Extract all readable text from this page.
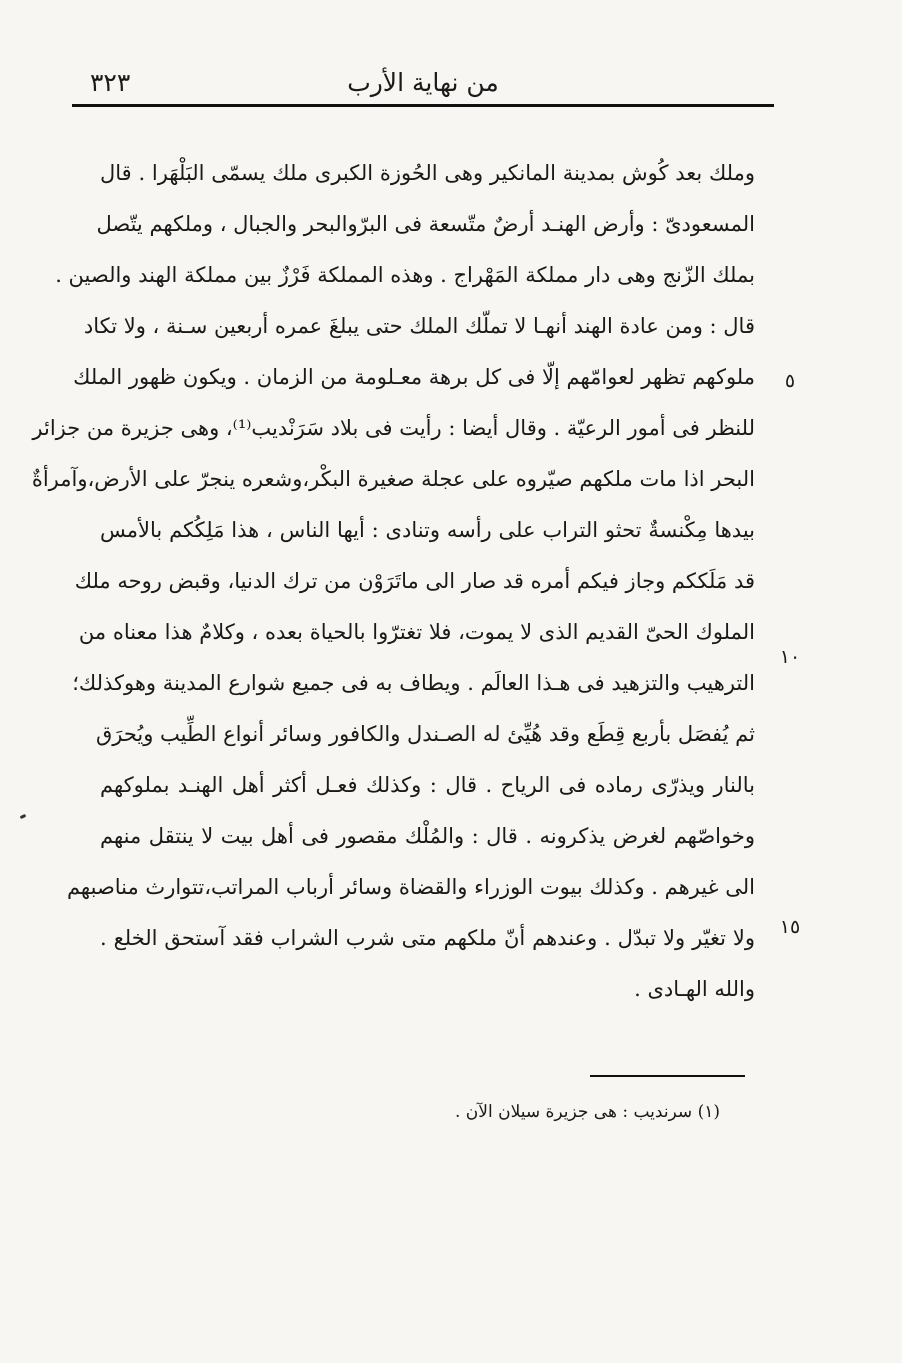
من نهاية الأرب
٣٢٣
وملك بعد كُوش بمدينة المانكير وهى الحُوزة الكبرى ملك يسمّى البَلْهَرا . قال
المسعودىّ : وأرض الهنـد أرضٌ متّسعة فى البرّوالبحر والجبال ، وملكهم يتّصل
بملك الزّنج وهى دار مملكة المَهْراج . وهذه المملكة فَرْزٌ بين مملكة الهند والصين .
قال : ومن عادة الهند أنهـا لا تملّك الملك حتى يبلغَ عمره أربعين سـنة ، ولا تكاد
ملوكهم تظهر لعوامّهم إلّا فى كل برهة معـلومة من الزمان . ويكون ظهور الملك
للنظر فى أمور الرعيّة . وقال أيضا : رأيت فى بلاد سَرَنْديب⁽¹⁾، وهى جزيرة من جزائر
البحر اذا مات ملكهم صيّروه على عجلة صغيرة البكْر،وشعره ينجرّ على الأرض،وآمرأةٌ
بيدها مِكْنسةٌ تحثو التراب على رأسه وتنادى : أيها الناس ، هذا مَلِكُكم بالأمس
قد مَلَككم وجاز فيكم أمره قد صار الى ماتَرَوْن من ترك الدنيا، وقبض روحه ملك
الملوك الحىّ القديم الذى لا يموت، فلا تغترّوا بالحياة بعده ، وكلامٌ هذا معناه من
الترهيب والتزهيد فى هـذا العالَم . ويطاف به فى جميع شوارع المدينة وهوكذلك؛
ثم يُفصَل بأربع قِطَع وقد هُيِّئ له الصـندل والكافور وسائر أنواع الطِّيب ويُحرَق
بالنار ويذرّى رماده فى الرياح . قال : وكذلك فعـل أكثر أهل الهنـد بملوكهم
وخواصّهم لغرض يذكرونه . قال : والمُلْك مقصور فى أهل بيت لا ينتقل منهم
الى غيرهم . وكذلك بيوت الوزراء والقضاة وسائر أرباب المراتب،تتوارث مناصبهم
ولا تغيّر ولا تبدّل . وعندهم أنّ ملكهم متى شرب الشراب فقد آستحق الخلع .
والله الهـادى .
٥
١٠
١٥
(١) سرنديب : هى جزيرة سيلان الآن .
